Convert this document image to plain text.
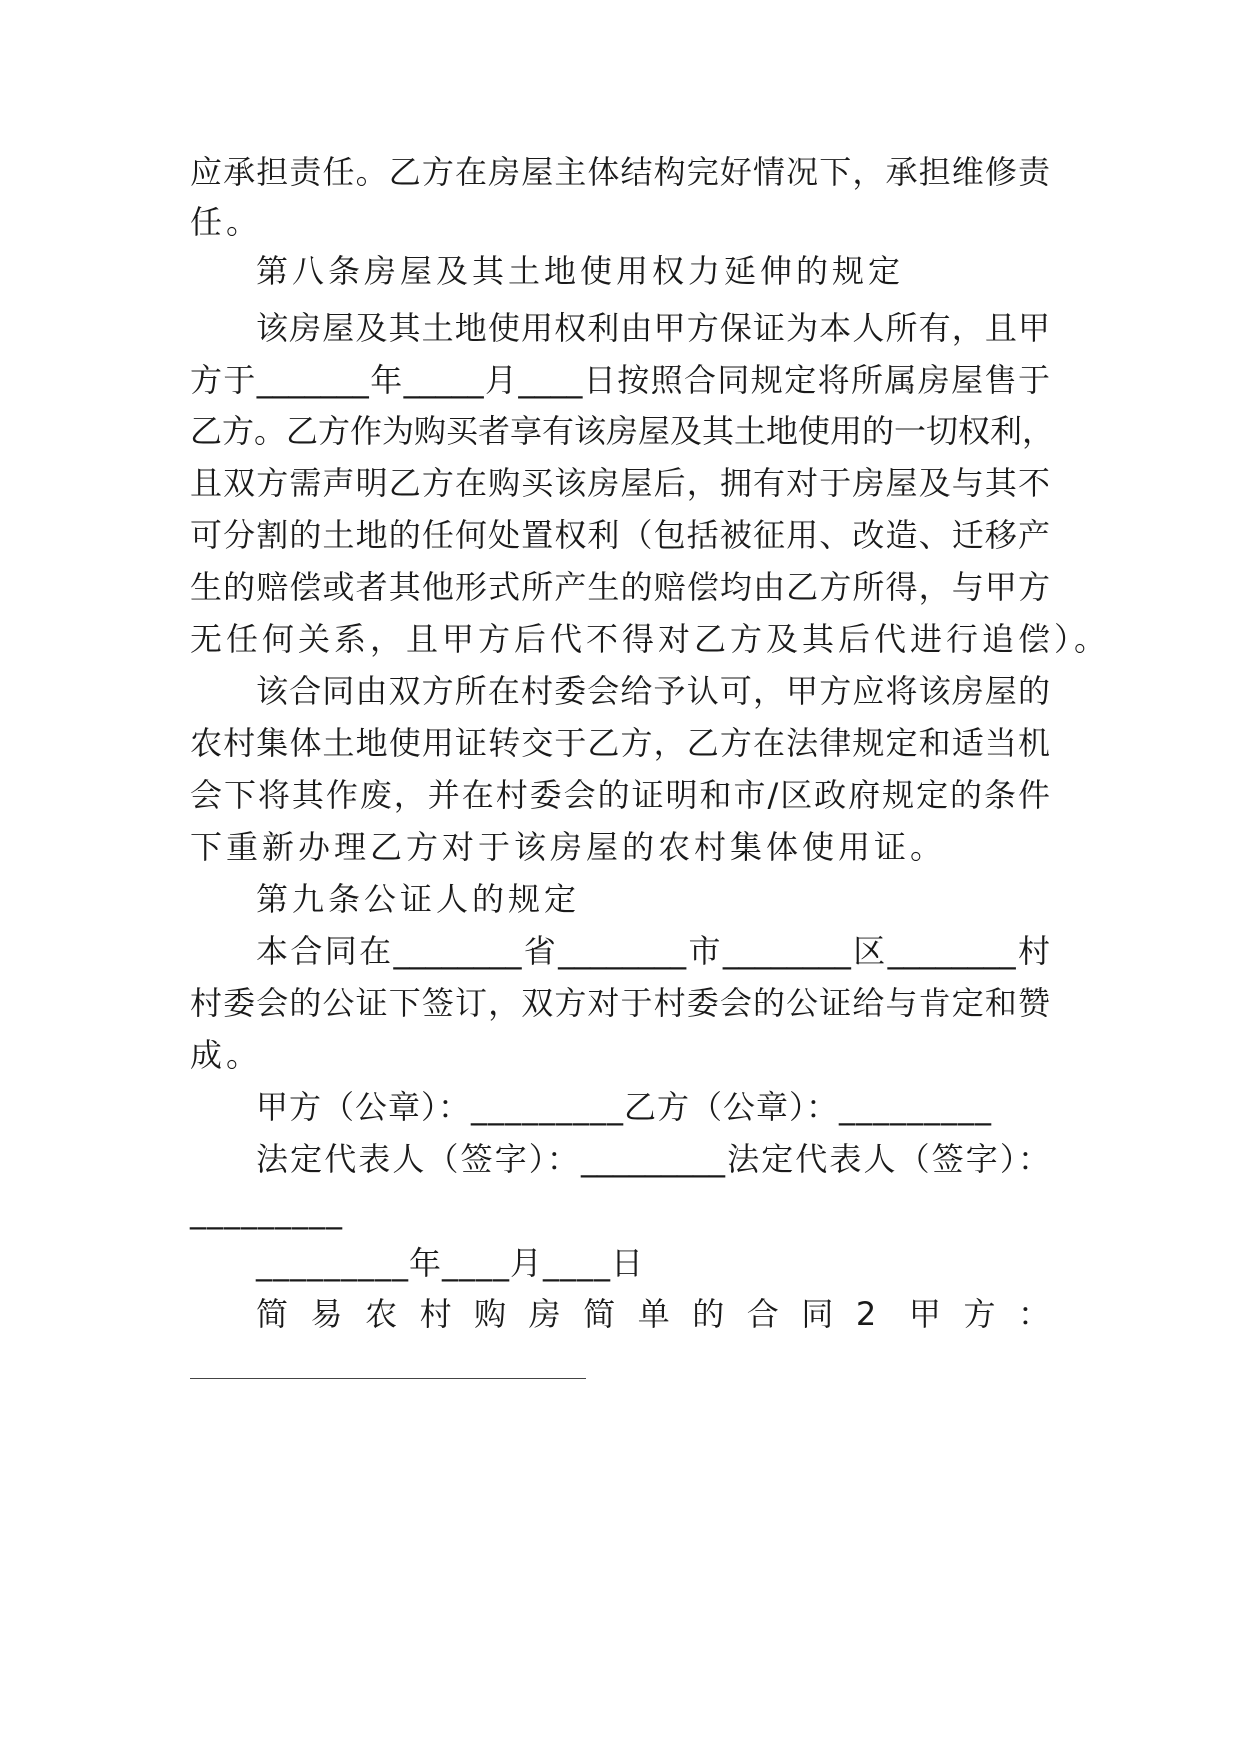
应承担责任。乙方在房屋主体结构完好情况下，承担维修责
任。
第八条房屋及其土地使用权力延伸的规定
该房屋及其土地使用权利由甲方保证为本人所有，且甲
方于_______年_____月____日按照合同规定将所属房屋售于
乙方。乙方作为购买者享有该房屋及其土地使用的一切权利，
且双方需声明乙方在购买该房屋后，拥有对于房屋及与其不
可分割的土地的任何处置权利（包括被征用、改造、迁移产
生的赔偿或者其他形式所产生的赔偿均由乙方所得，与甲方
无任何关系，且甲方后代不得对乙方及其后代进行追偿）。
该合同由双方所在村委会给予认可，甲方应将该房屋的
农村集体土地使用证转交于乙方，乙方在法律规定和适当机
会下将其作废，并在村委会的证明和市/区政府规定的条件
下重新办理乙方对于该房屋的农村集体使用证。
第九条公证人的规定
本合同在________省________市________区________村
村委会的公证下签订，双方对于村委会的公证给与肯定和赞
成。
甲方（公章）：_________乙方（公章）：_________
法定代表人（签字）：_________法定代表人（签字）：
_________
_________年____月____日
简易农村购房简单的合同2 甲方：
